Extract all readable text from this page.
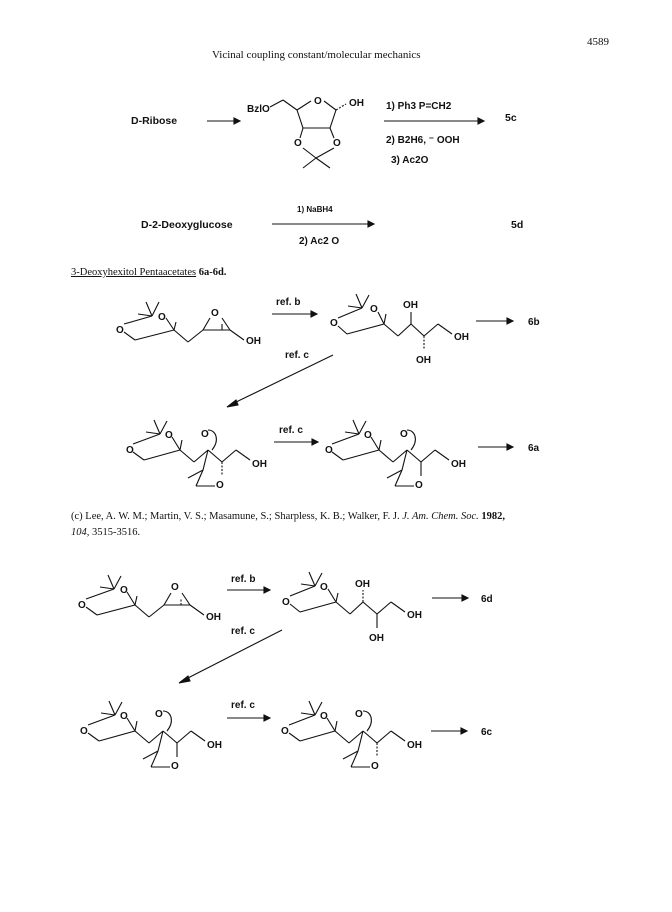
4589
Vicinal coupling constant/molecular mechanics
D-Ribose
1) Ph3 P=CH2
2) B2H6, ⁻ OOH
3) Ac2O
5c
D-2-Deoxyglucose
1) NaBH4
2) Ac2 O
5d
3-Deoxyhexitol Pentaacetates 6a-6d.
(c) Lee, A. W. M.; Martin, V. S.; Masamune, S.; Sharpless, K. B.; Walker, F. J. J. Am. Chem. Soc. 1982,
104, 3515-3516.
BzlO
O	OH
O	O
O
O
O
OH
ref. b
O
O
OH
OH
OH
6b
ref. c
O
O
O
O
OH
ref. c	O
O
O
O
OH
6a
O
O
O
OH
ref. b
O
O
OH
OH
OH
6d
ref. c
O
O
O
O
OH
ref. c
O
O
O
O
OH
6c
